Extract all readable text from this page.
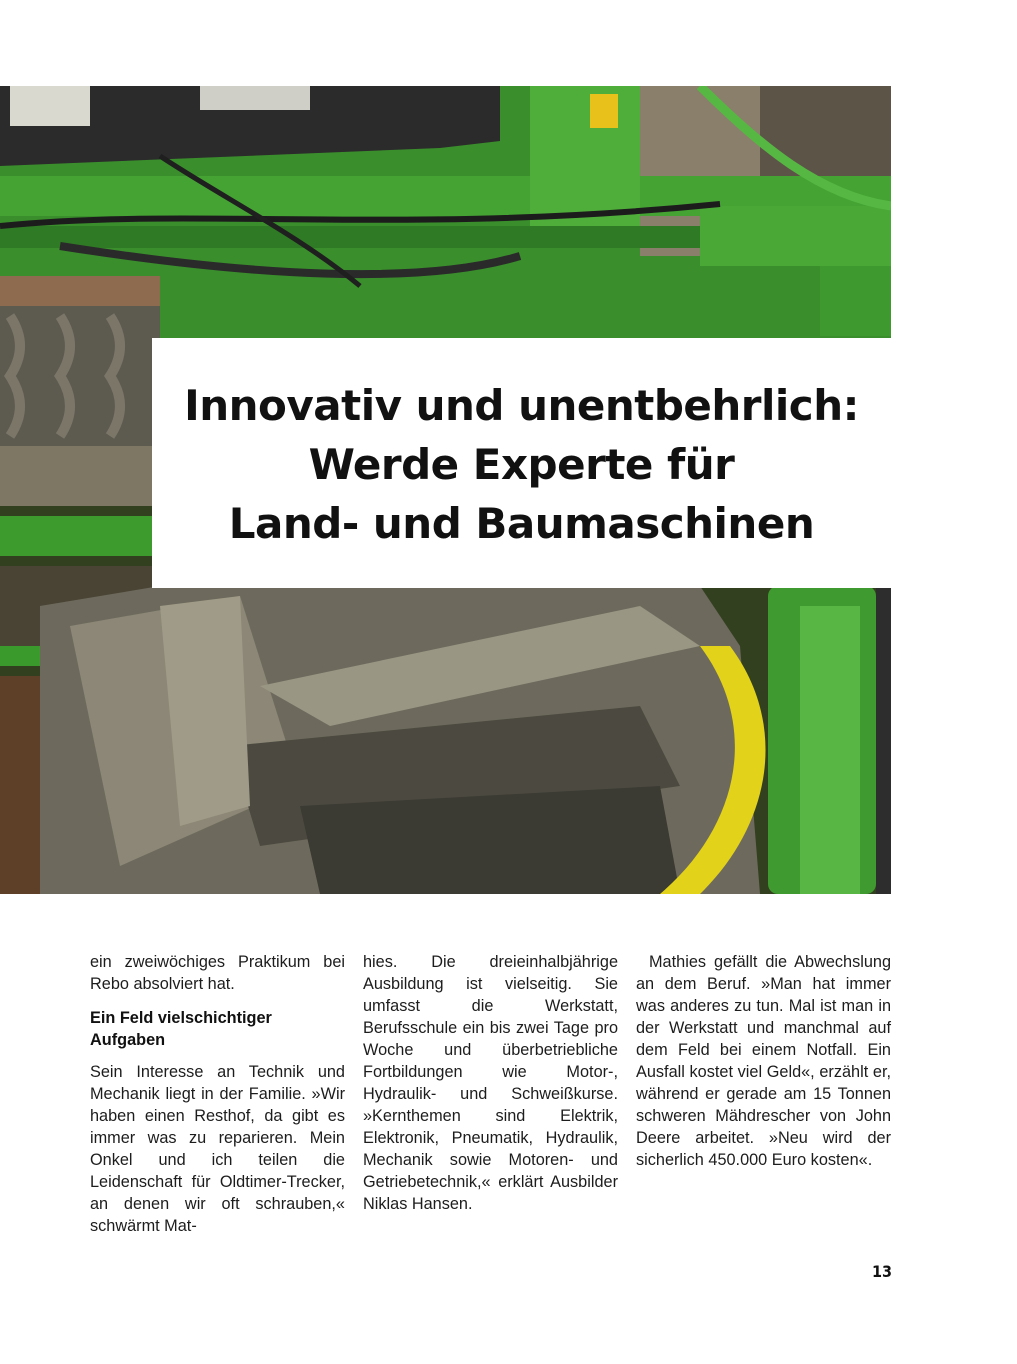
Innovativ und unentbehrlich:
Werde Experte für
Land- und Baumaschinen

ein zweiwöchiges Praktikum bei Rebo absolviert hat.

Ein Feld vielschichtiger Aufgaben

Sein Interesse an Technik und Mechanik liegt in der Familie. »Wir haben einen Resthof, da gibt es immer was zu reparieren. Mein Onkel und ich teilen die Leidenschaft für Oldtimer-Trecker, an denen wir oft schrauben,« schwärmt Mat-

hies. Die dreieinhalbjährige Ausbildung ist vielseitig. Sie umfasst die Werkstatt, Berufsschule ein bis zwei Tage pro Woche und überbetriebliche Fortbildungen wie Motor-, Hydraulik- und Schweißkurse. »Kernthemen sind Elektrik, Elektronik, Pneumatik, Hydraulik, Mechanik sowie Motoren- und Getriebetechnik,« erklärt Ausbilder Niklas Hansen.

Mathies gefällt die Abwechslung an dem Beruf. »Man hat immer was anderes zu tun. Mal ist man in der Werkstatt und manchmal auf dem Feld bei einem Notfall. Ein Ausfall kostet viel Geld«, erzählt er, während er gerade am 15 Tonnen schweren Mähdrescher von John Deere arbeitet. »Neu wird der sicherlich 450.000 Euro kosten«.

13
